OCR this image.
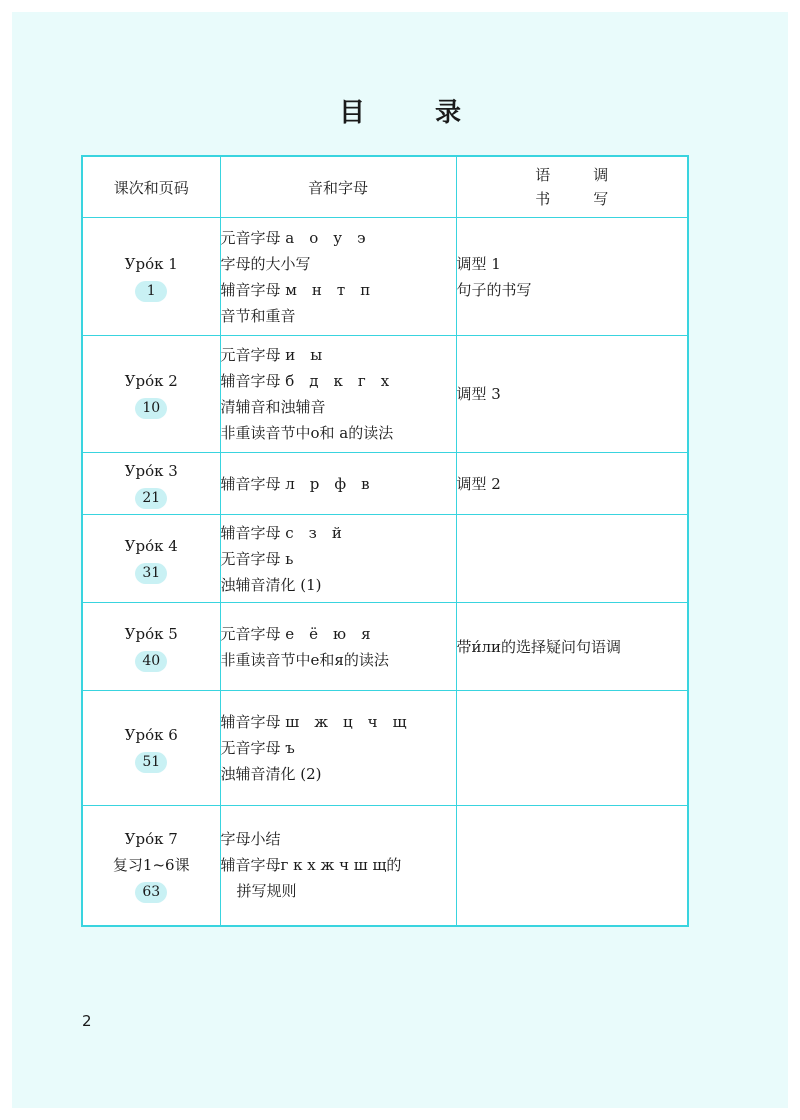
目　录
课次和页码	音和字母	语　调
书　写

Уро́к 1
1	元音字母 а　о　у　э
字母的大小写
辅音字母 м　н　т　п
音节和重音	调型 1
句子的书写

Уро́к 2
10	元音字母 и　ы
辅音字母 б　д　к　г　х
清辅音和浊辅音
非重读音节中о和 а的读法	调型 3

Уро́к 3
21	辅音字母 л　р　ф　в	调型 2

Уро́к 4
31	辅音字母 с　з　й
无音字母 ь
浊辅音清化 (1)	

Уро́к 5
40	元音字母 е　ё　ю　я
非重读音节中е和я的读法	带и́ли的选择疑问句语调

Уро́к 6
51	辅音字母 ш　ж　ц　ч　щ
无音字母 ъ
浊辅音清化 (2)	

Уро́к 7
复习1~6课
63	字母小结
辅音字母г к х ж ч ш щ的
拼写规则	

2
